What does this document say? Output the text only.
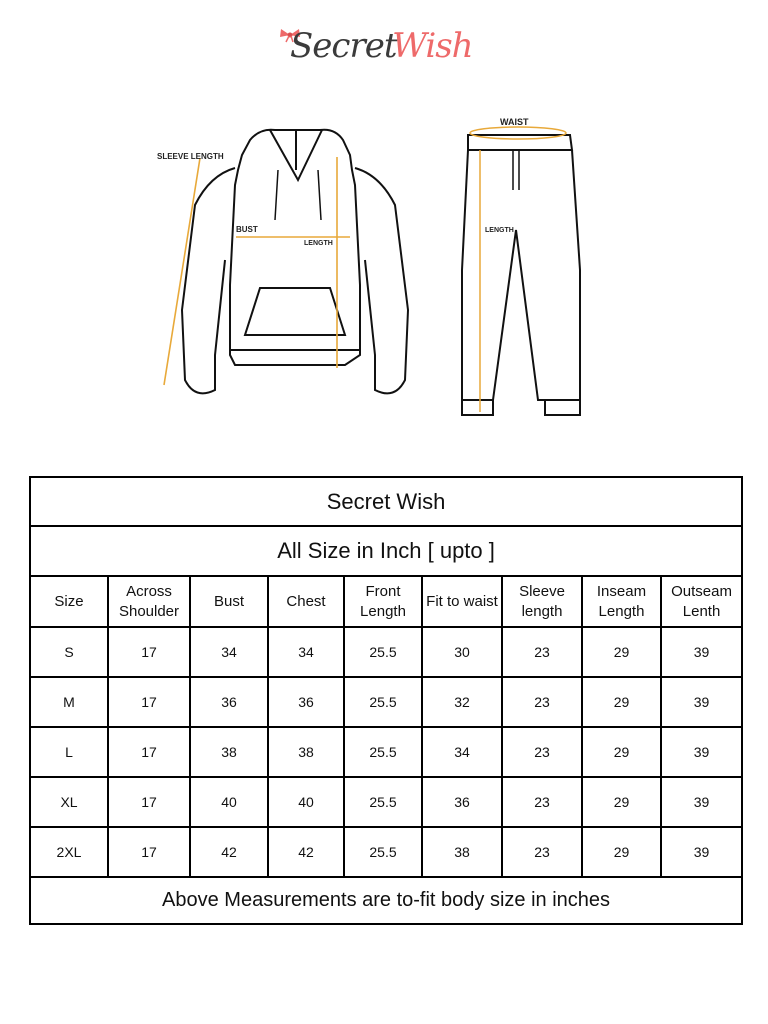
Secret
Wish
SLEEVE LENGTH
BUST
LENGTH
WAIST
LENGTH
Secret Wish								
All Size in Inch [ upto ]								
Size	Across Shoulder	Bust	Chest	Front Length	Fit to waist	Sleeve length	Inseam Length	Outseam Lenth
S	17	34	34	25.5	30	23	29	39
M	17	36	36	25.5	32	23	29	39
L	17	38	38	25.5	34	23	29	39
XL	17	40	40	25.5	36	23	29	39
2XL	17	42	42	25.5	38	23	29	39
Above Measurements are to-fit body size in inches								
